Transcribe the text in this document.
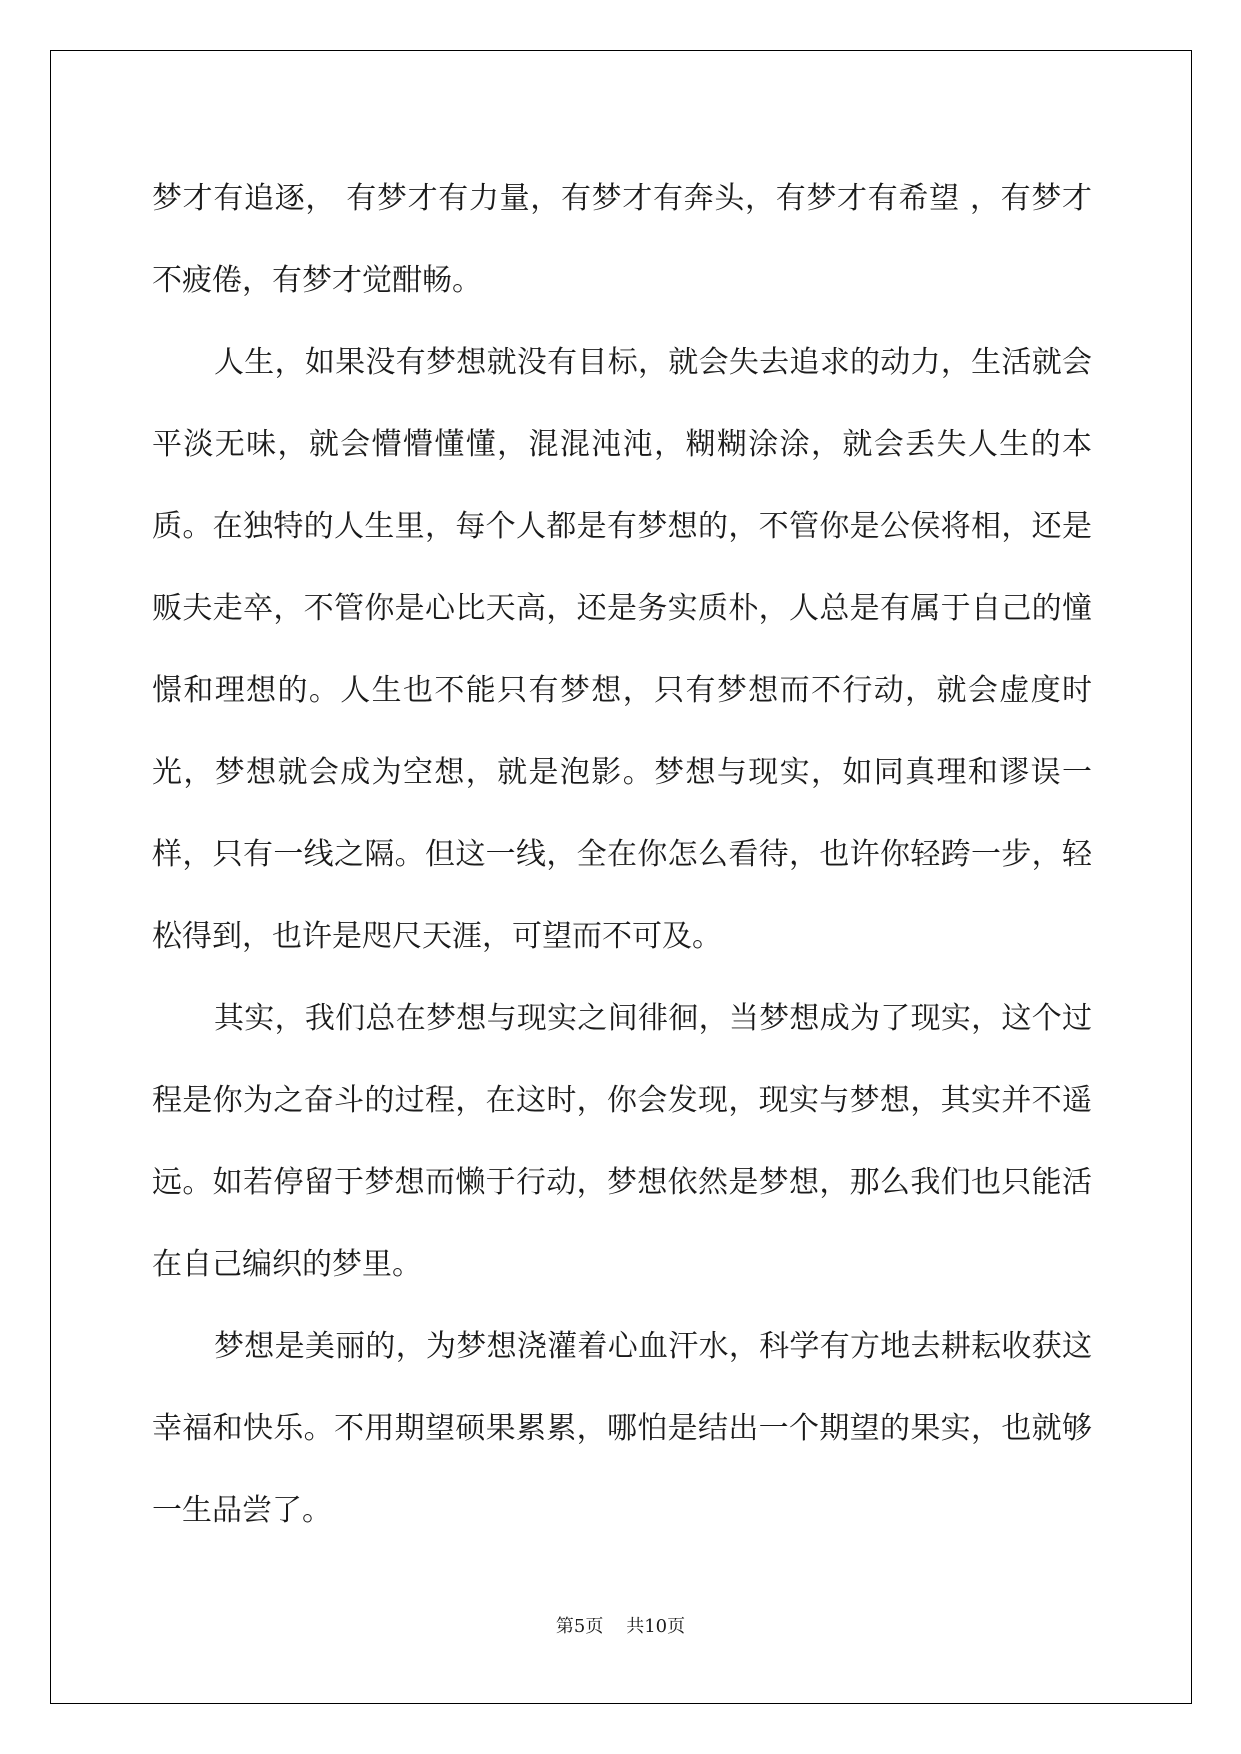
梦才有追逐， 有梦才有力量，有梦才有奔头，有梦才有希望 ，有梦才不疲倦，有梦才觉酣畅。

人生，如果没有梦想就没有目标，就会失去追求的动力，生活就会平淡无味，就会懵懵懂懂，混混沌沌，糊糊涂涂，就会丢失人生的本质。在独特的人生里，每个人都是有梦想的，不管你是公侯将相，还是贩夫走卒，不管你是心比天高，还是务实质朴，人总是有属于自己的憧憬和理想的。人生也不能只有梦想，只有梦想而不行动，就会虚度时光，梦想就会成为空想，就是泡影。梦想与现实，如同真理和谬误一样，只有一线之隔。但这一线，全在你怎么看待，也许你轻跨一步，轻松得到，也许是咫尺天涯，可望而不可及。

其实，我们总在梦想与现实之间徘徊，当梦想成为了现实，这个过程是你为之奋斗的过程，在这时，你会发现，现实与梦想，其实并不遥远。如若停留于梦想而懒于行动，梦想依然是梦想，那么我们也只能活在自己编织的梦里。

梦想是美丽的，为梦想浇灌着心血汗水，科学有方地去耕耘收获这幸福和快乐。不用期望硕果累累，哪怕是结出一个期望的果实，也就够一生品尝了。

第5页 共10页
